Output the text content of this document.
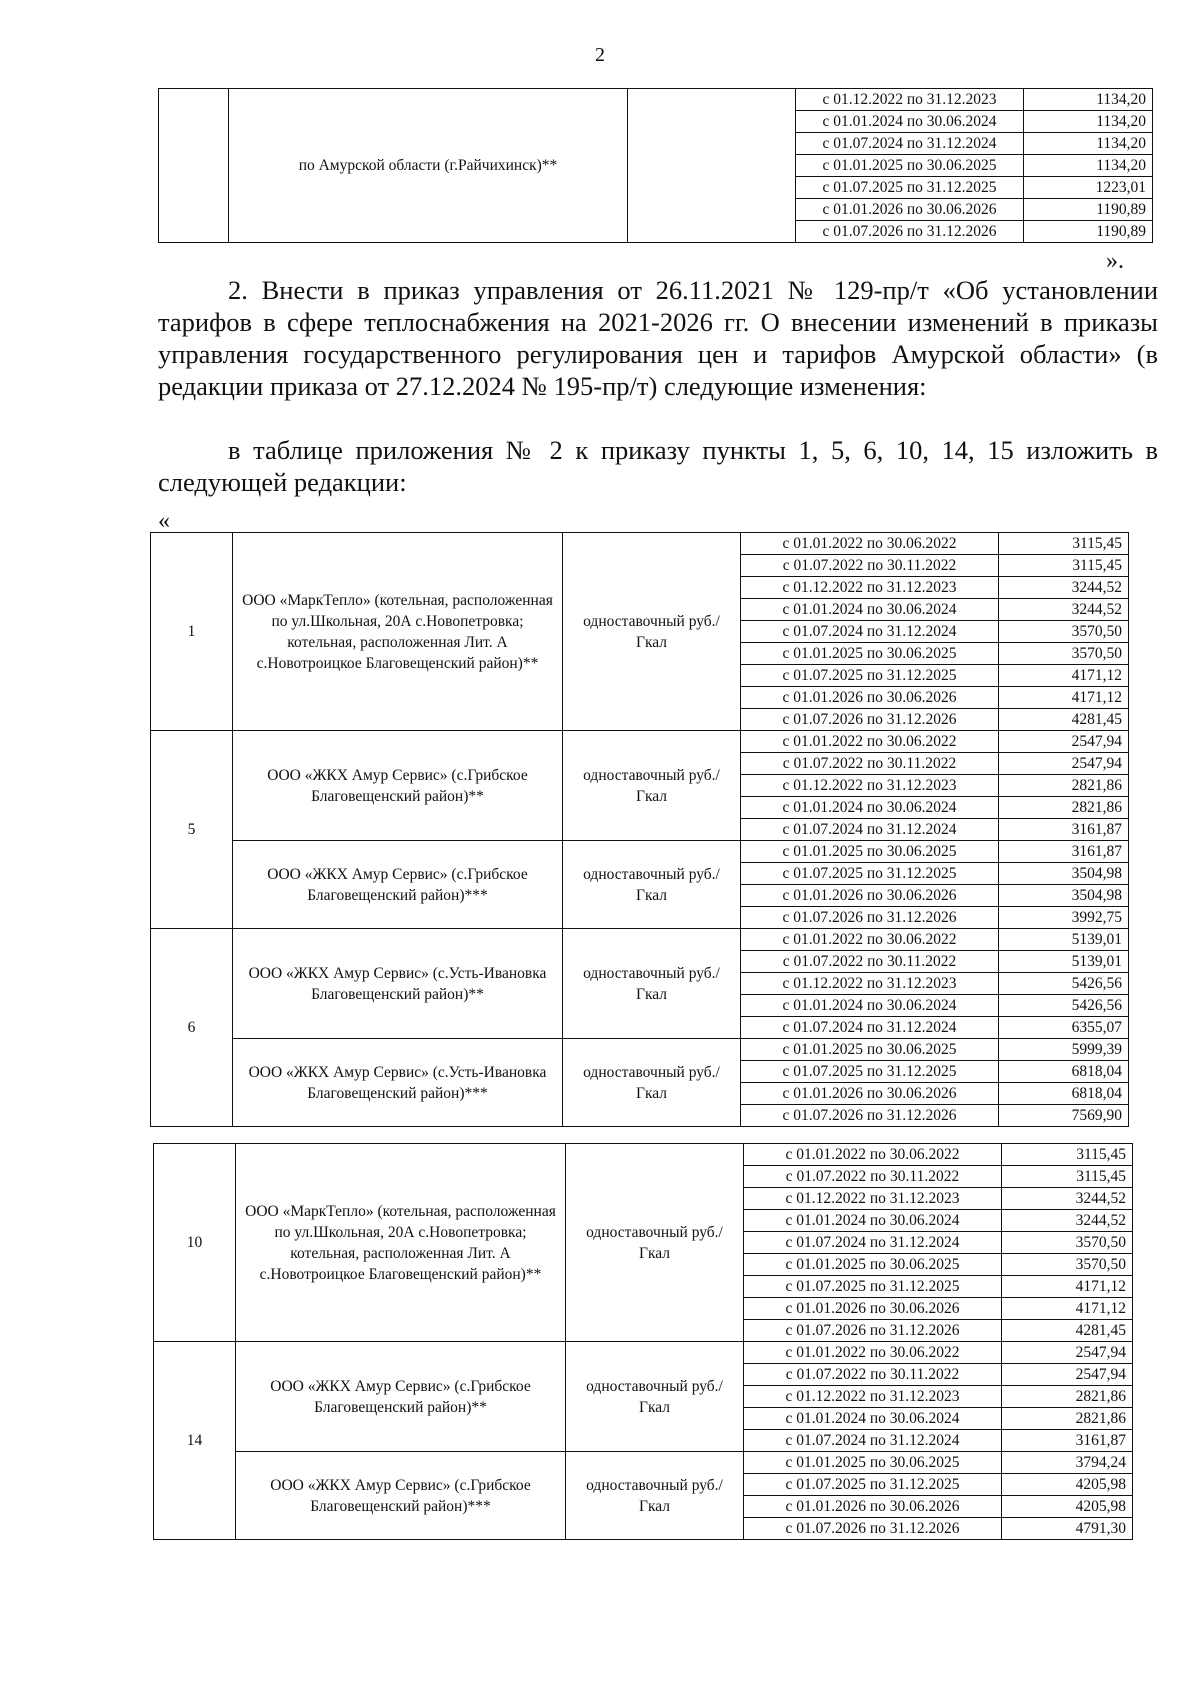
2
	по Амурской области (г.Райчихинск)**		с 01.12.2022 по 31.12.2023	1134,20
			с 01.01.2024 по 30.06.2024	1134,20
			с 01.07.2024 по 31.12.2024	1134,20
			с 01.01.2025 по 30.06.2025	1134,20
			с 01.07.2025 по 31.12.2025	1223,01
			с 01.01.2026 по 30.06.2026	1190,89
			с 01.07.2026 по 31.12.2026	1190,89
».

2. Внести в приказ управления от 26.11.2021 № 129-пр/т «Об установлении тарифов в сфере теплоснабжения на 2021-2026 гг. О внесении изменений в приказы управления государственного регулирования цен и тарифов Амурской области» (в редакции приказа от 27.12.2024 № 195-пр/т) следующие изменения:

в таблице приложения № 2 к приказу пункты 1, 5, 6, 10, 14, 15 изложить в следующей редакции:

«
1	ООО «МаркТепло» (котельная, расположенная по ул.Школьная, 20А с.Новопетровка; котельная, расположенная Лит. А с.Новотроицкое Благовещенский район)**	одноставочный руб./Гкал	с 01.01.2022 по 30.06.2022	3115,45
			с 01.07.2022 по 30.11.2022	3115,45
			с 01.12.2022 по 31.12.2023	3244,52
			с 01.01.2024 по 30.06.2024	3244,52
			с 01.07.2024 по 31.12.2024	3570,50
			с 01.01.2025 по 30.06.2025	3570,50
			с 01.07.2025 по 31.12.2025	4171,12
			с 01.01.2026 по 30.06.2026	4171,12
			с 01.07.2026 по 31.12.2026	4281,45
5	ООО «ЖКХ Амур Сервис» (с.Грибское Благовещенский район)**	одноставочный руб./Гкал	с 01.01.2022 по 30.06.2022	2547,94
			с 01.07.2022 по 30.11.2022	2547,94
			с 01.12.2022 по 31.12.2023	2821,86
			с 01.01.2024 по 30.06.2024	2821,86
			с 01.07.2024 по 31.12.2024	3161,87
	ООО «ЖКХ Амур Сервис» (с.Грибское Благовещенский район)***	одноставочный руб./Гкал	с 01.01.2025 по 30.06.2025	3161,87
			с 01.07.2025 по 31.12.2025	3504,98
			с 01.01.2026 по 30.06.2026	3504,98
			с 01.07.2026 по 31.12.2026	3992,75
6	ООО «ЖКХ Амур Сервис» (с.Усть-Ивановка Благовещенский район)**	одноставочный руб./Гкал	с 01.01.2022 по 30.06.2022	5139,01
			с 01.07.2022 по 30.11.2022	5139,01
			с 01.12.2022 по 31.12.2023	5426,56
			с 01.01.2024 по 30.06.2024	5426,56
			с 01.07.2024 по 31.12.2024	6355,07
	ООО «ЖКХ Амур Сервис» (с.Усть-Ивановка Благовещенский район)***	одноставочный руб./Гкал	с 01.01.2025 по 30.06.2025	5999,39
			с 01.07.2025 по 31.12.2025	6818,04
			с 01.01.2026 по 30.06.2026	6818,04
			с 01.07.2026 по 31.12.2026	7569,90
10	ООО «МаркТепло» (котельная, расположенная по ул.Школьная, 20А с.Новопетровка; котельная, расположенная Лит. А с.Новотроицкое Благовещенский район)**	одноставочный руб./Гкал	с 01.01.2022 по 30.06.2022	3115,45
			с 01.07.2022 по 30.11.2022	3115,45
			с 01.12.2022 по 31.12.2023	3244,52
			с 01.01.2024 по 30.06.2024	3244,52
			с 01.07.2024 по 31.12.2024	3570,50
			с 01.01.2025 по 30.06.2025	3570,50
			с 01.07.2025 по 31.12.2025	4171,12
			с 01.01.2026 по 30.06.2026	4171,12
			с 01.07.2026 по 31.12.2026	4281,45
14	ООО «ЖКХ Амур Сервис» (с.Грибское Благовещенский район)**	одноставочный руб./Гкал	с 01.01.2022 по 30.06.2022	2547,94
			с 01.07.2022 по 30.11.2022	2547,94
			с 01.12.2022 по 31.12.2023	2821,86
			с 01.01.2024 по 30.06.2024	2821,86
			с 01.07.2024 по 31.12.2024	3161,87
	ООО «ЖКХ Амур Сервис» (с.Грибское Благовещенский район)***	одноставочный руб./Гкал	с 01.01.2025 по 30.06.2025	3794,24
			с 01.07.2025 по 31.12.2025	4205,98
			с 01.01.2026 по 30.06.2026	4205,98
			с 01.07.2026 по 31.12.2026	4791,30
